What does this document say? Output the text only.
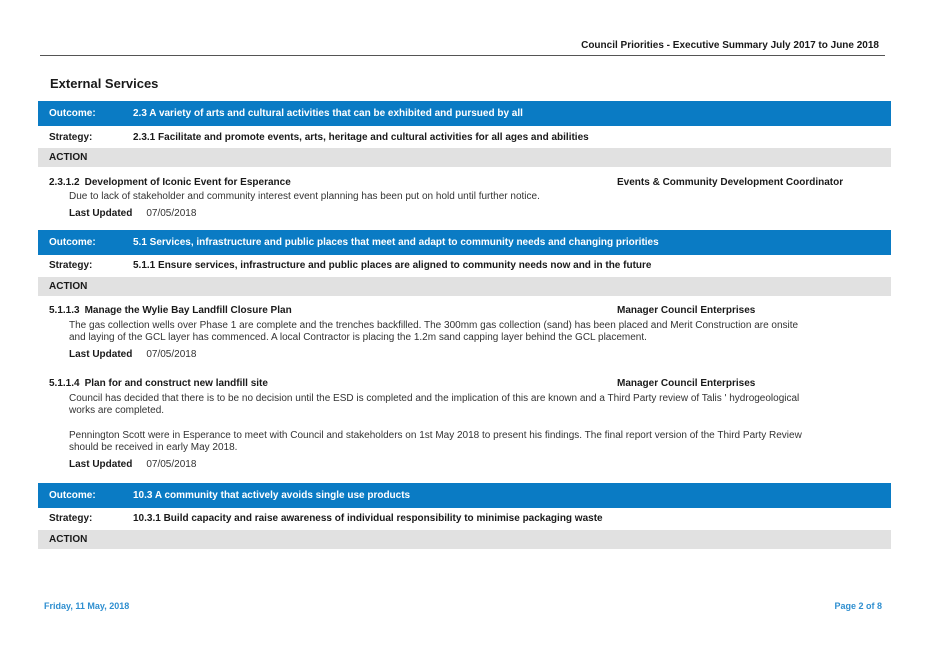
Council Priorities - Executive Summary July 2017 to June 2018
External Services
Outcome:	2.3 A variety of arts and cultural activities that can be exhibited and pursued by all
Strategy:	2.3.1 Facilitate and promote events, arts, heritage and cultural activities for all ages and abilities
ACTION
2.3.1.2 Development of Iconic Event for Esperance	Events & Community Development Coordinator

Due to lack of stakeholder and community interest event planning has been put on hold until further notice.

Last Updated 07/05/2018
Outcome:	5.1 Services, infrastructure and public places that meet and adapt to community needs and changing priorities
Strategy:	5.1.1 Ensure services, infrastructure and public places are aligned to community needs now and in the future
ACTION
5.1.1.3 Manage the Wylie Bay Landfill Closure Plan	Manager Council Enterprises

The gas collection wells over Phase 1 are complete and the trenches backfilled. The 300mm gas collection (sand) has been placed and Merit Construction are onsite and laying of the GCL layer has commenced. A local Contractor is placing the 1.2m sand capping layer behind the GCL placement.

Last Updated 07/05/2018
5.1.1.4 Plan for and construct new landfill site	Manager Council Enterprises

Council has decided that there is to be no decision until the ESD is completed and the implication of this are known and a Third Party review of Talis ' hydrogeological works are completed.

Pennington Scott were in Esperance to meet with Council and stakeholders on 1st May 2018 to present his findings. The final report version of the Third Party Review should be received in early May 2018.

Last Updated 07/05/2018
Outcome:	10.3 A community that actively avoids single use products
Strategy:	10.3.1 Build capacity and raise awareness of individual responsibility to minimise packaging waste
ACTION
Friday, 11 May, 2018	Page 2 of 8
